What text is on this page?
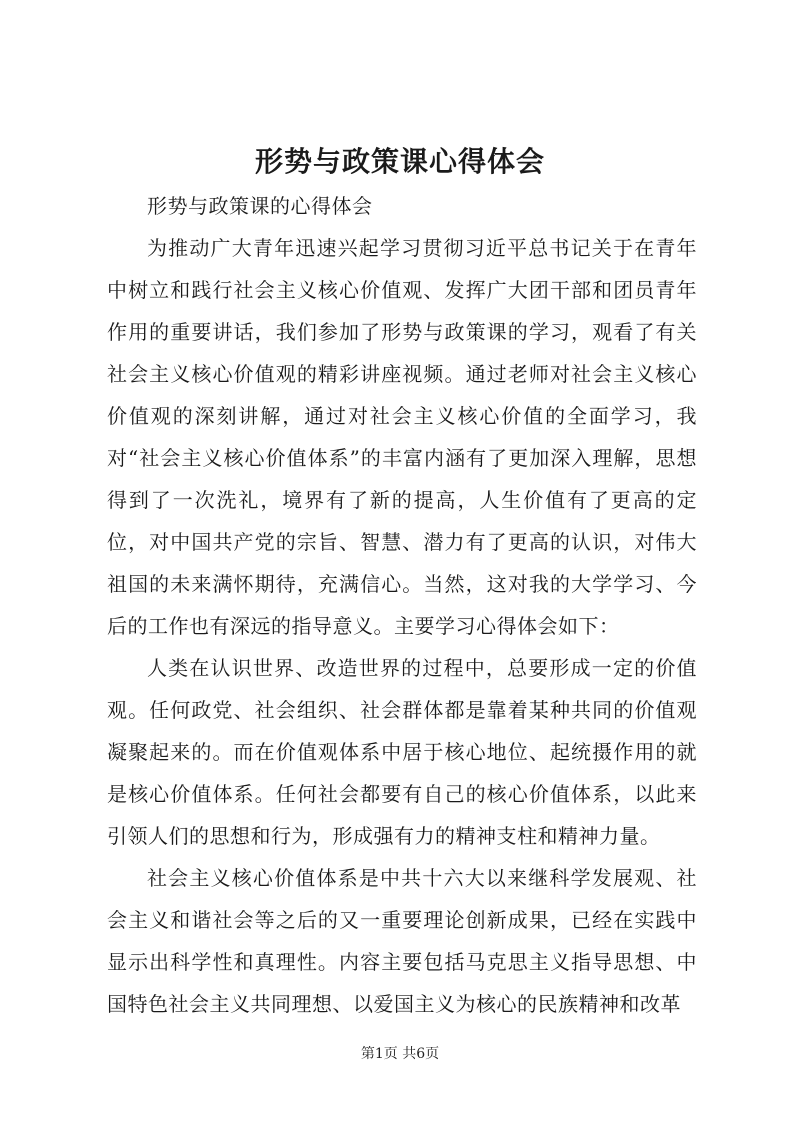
形势与政策课心得体会

形势与政策课的心得体会

为推动广大青年迅速兴起学习贯彻习近平总书记关于在青年中树立和践行社会主义核心价值观、发挥广大团干部和团员青年作用的重要讲话，我们参加了形势与政策课的学习，观看了有关社会主义核心价值观的精彩讲座视频。通过老师对社会主义核心价值观的深刻讲解，通过对社会主义核心价值的全面学习，我对“社会主义核心价值体系”的丰富内涵有了更加深入理解，思想得到了一次洗礼，境界有了新的提高，人生价值有了更高的定位，对中国共产党的宗旨、智慧、潜力有了更高的认识，对伟大祖国的未来满怀期待，充满信心。当然，这对我的大学学习、今后的工作也有深远的指导意义。主要学习心得体会如下：

人类在认识世界、改造世界的过程中，总要形成一定的价值观。任何政党、社会组织、社会群体都是靠着某种共同的价值观凝聚起来的。而在价值观体系中居于核心地位、起统摄作用的就是核心价值体系。任何社会都要有自己的核心价值体系，以此来引领人们的思想和行为，形成强有力的精神支柱和精神力量。

社会主义核心价值体系是中共十六大以来继科学发展观、社会主义和谐社会等之后的又一重要理论创新成果，已经在实践中显示出科学性和真理性。内容主要包括马克思主义指导思想、中国特色社会主义共同理想、以爱国主义为核心的民族精神和改革

第1页 共6页
